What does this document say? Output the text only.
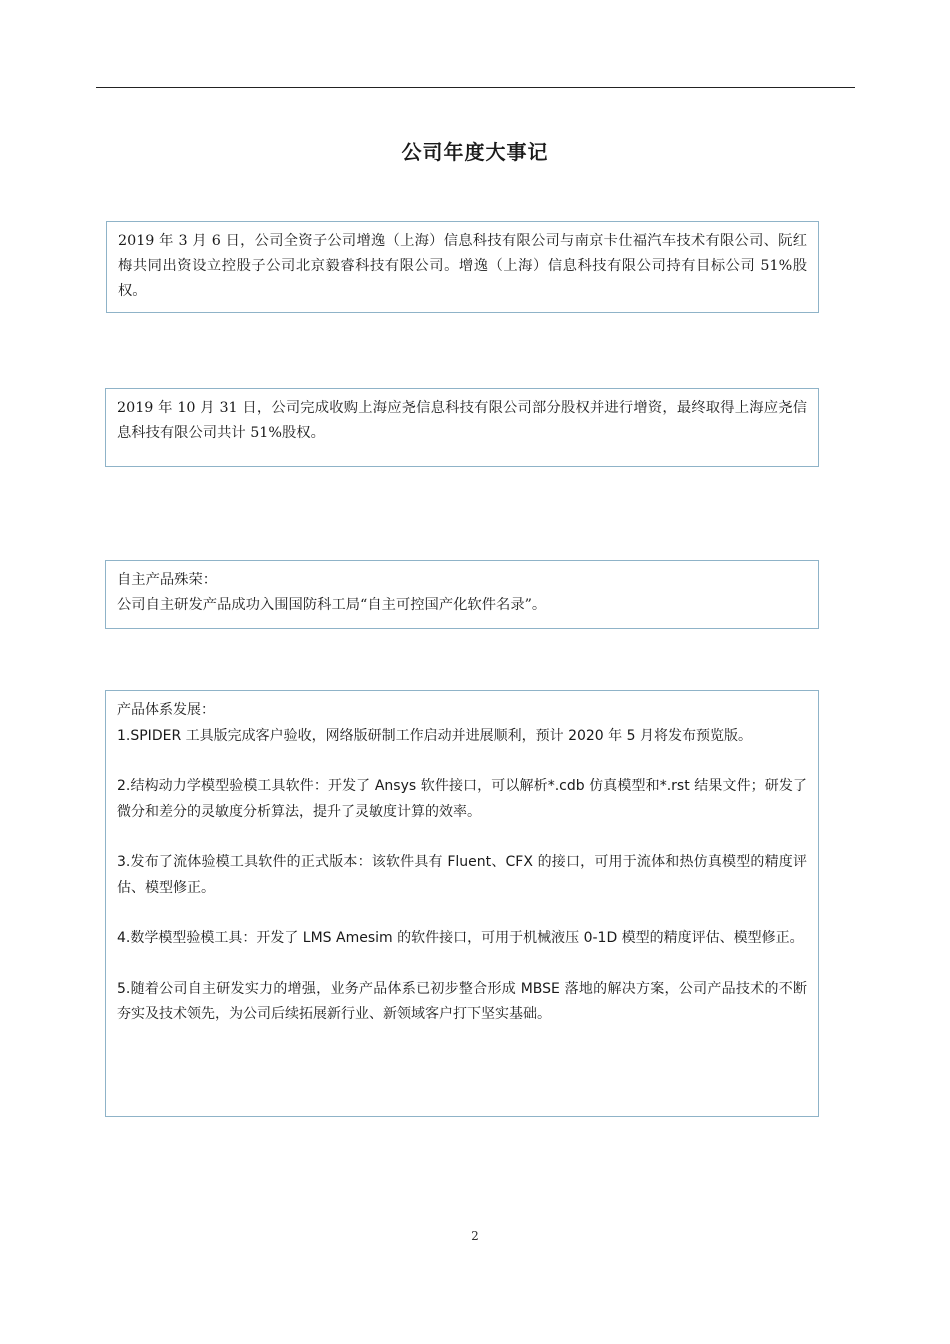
公司年度大事记
2019 年 3 月 6 日，公司全资子公司增逸（上海）信息科技有限公司与南京卡仕福汽车技术有限公司、阮红梅共同出资设立控股子公司北京毅睿科技有限公司。增逸（上海）信息科技有限公司持有目标公司 51%股权。
2019 年 10 月 31 日，公司完成收购上海应尧信息科技有限公司部分股权并进行增资，最终取得上海应尧信息科技有限公司共计 51%股权。
自主产品殊荣：
公司自主研发产品成功入围国防科工局“自主可控国产化软件名录”。
产品体系发展：
1.SPIDER 工具版完成客户验收，网络版研制工作启动并进展顺利，预计 2020 年 5 月将发布预览版。
2.结构动力学模型验模工具软件：开发了 Ansys 软件接口，可以解析*.cdb 仿真模型和*.rst 结果文件；研发了微分和差分的灵敏度分析算法，提升了灵敏度计算的效率。
3.发布了流体验模工具软件的正式版本：该软件具有 Fluent、CFX 的接口，可用于流体和热仿真模型的精度评估、模型修正。
4.数学模型验模工具：开发了 LMS Amesim 的软件接口，可用于机械液压 0-1D 模型的精度评估、模型修正。
5.随着公司自主研发实力的增强，业务产品体系已初步整合形成 MBSE 落地的解决方案，公司产品技术的不断夯实及技术领先，为公司后续拓展新行业、新领域客户打下坚实基础。
2
